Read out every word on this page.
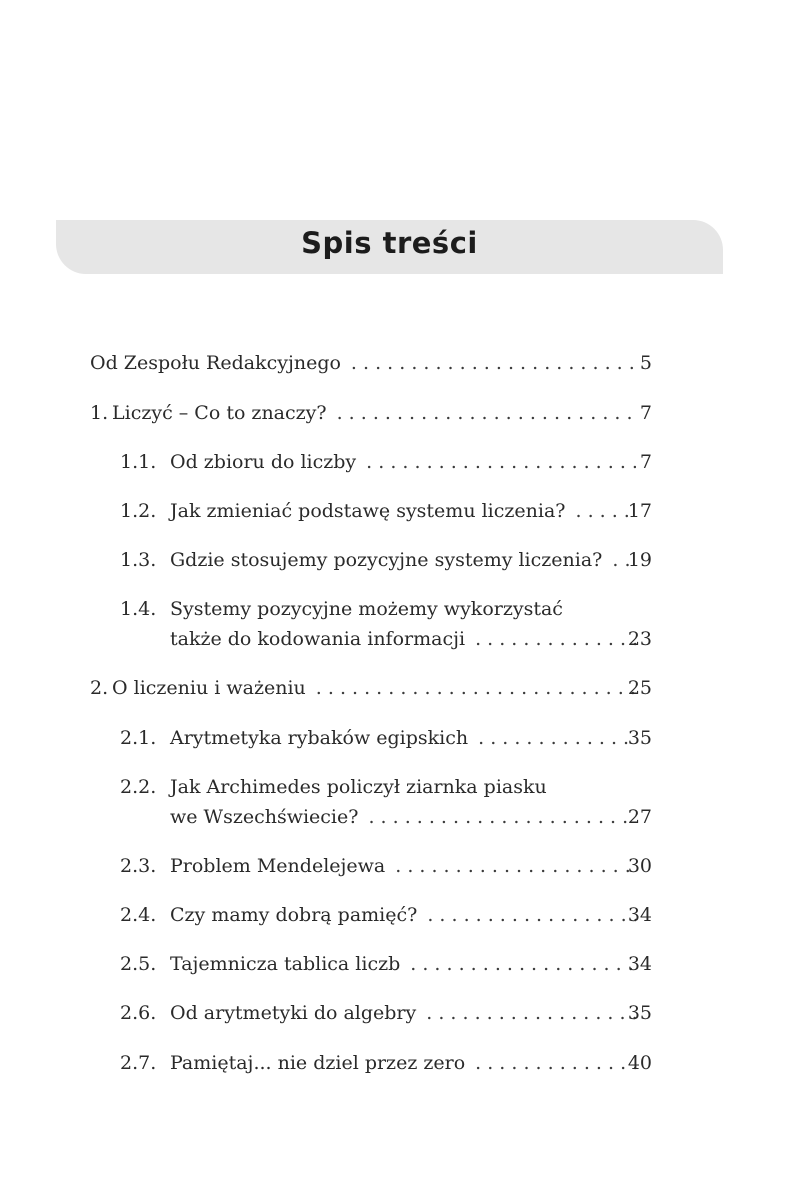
Spis treści
Od Zespołu Redakcyjnego . . .	5
1. Liczyć – Co to znaczy? . . .	7
1.1. Od zbioru do liczby . . .	7
1.2. Jak zmieniać podstawę systemu liczenia? . . .	17
1.3. Gdzie stosujemy pozycyjne systemy liczenia? . . . 19
1.4. Systemy pozycyjne możemy wykorzystać
także do kodowania informacji . . .	23
2. O liczeniu i ważeniu . . .	25
2.1. Arytmetyka rybaków egipskich . . .	35
2.2. Jak Archimedes policzył ziarnka piasku
we Wszechświecie? . . .	27
2.3. Problem Mendelejewa . . .	30
2.4. Czy mamy dobrą pamięć? . . .	34
2.5. Tajemnicza tablica liczb . . .	34
2.6. Od arytmetyki do algebry . . .	35
2.7. Pamiętaj... nie dziel przez zero . . .	40
